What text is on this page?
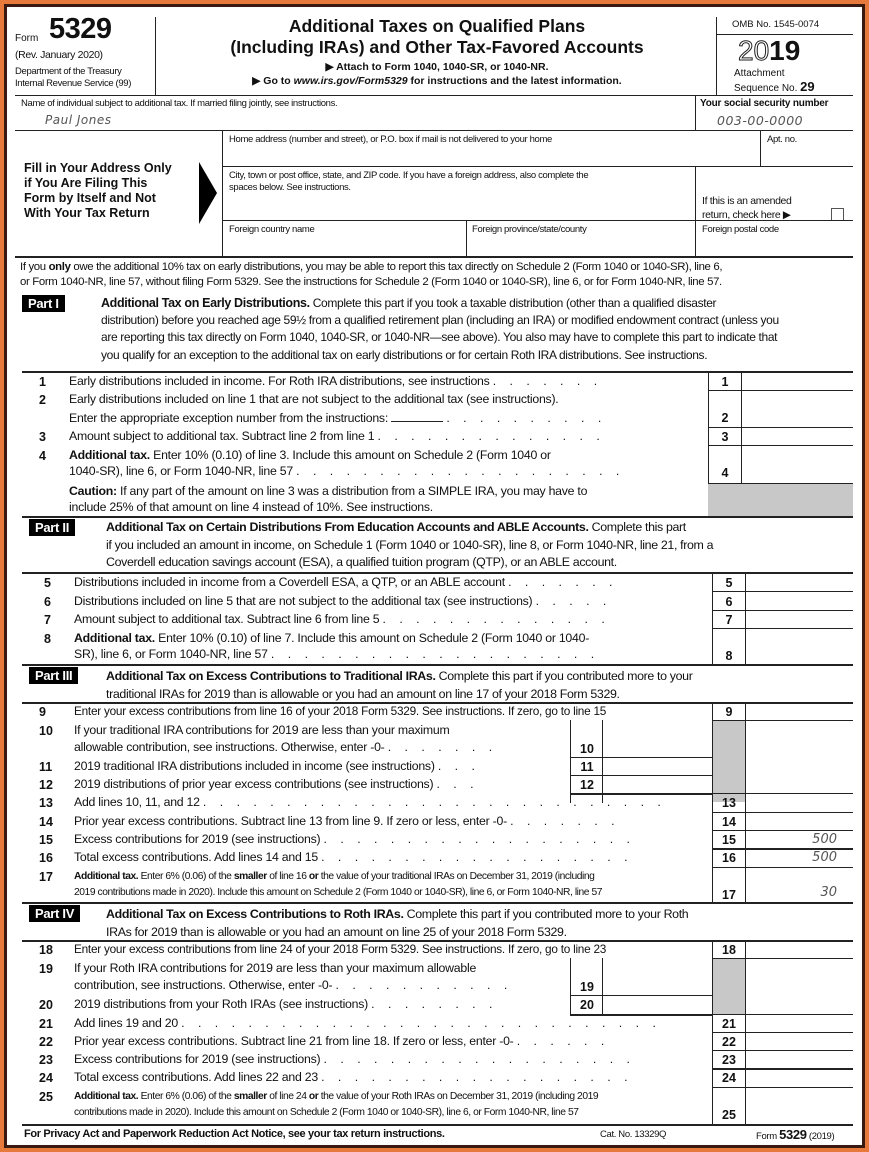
Form 5329
(Rev. January 2020)
Department of the Treasury
Internal Revenue Service (99)
Additional Taxes on Qualified Plans
(Including IRAs) and Other Tax-Favored Accounts
▶ Attach to Form 1040, 1040-SR, or 1040-NR.
▶ Go to www.irs.gov/Form5329 for instructions and the latest information.
OMB No. 1545-0074
2019
Attachment
Sequence No. 29
Name of individual subject to additional tax. If married filing jointly, see instructions.
Paul Jones
Your social security number
003-00-0000
Fill in Your Address Only
if You Are Filing This
Form by Itself and Not
With Your Tax Return
Home address (number and street), or P.O. box if mail is not delivered to your home	Apt. no.
City, town or post office, state, and ZIP code. If you have a foreign address, also complete the
spaces below. See instructions.
If this is an amended
return, check here ▶
Foreign country name	Foreign province/state/county	Foreign postal code
If you only owe the additional 10% tax on early distributions, you may be able to report this tax directly on Schedule 2 (Form 1040 or 1040-SR), line 6,
or Form 1040-NR, line 57, without filing Form 5329. See the instructions for Schedule 2 (Form 1040 or 1040-SR), line 6, or for Form 1040-NR, line 57.
Part I	Additional Tax on Early Distributions. Complete this part if you took a taxable distribution (other than a qualified disaster
distribution) before you reached age 59½ from a qualified retirement plan (including an IRA) or modified endowment contract (unless you
are reporting this tax directly on Form 1040, 1040-SR, or 1040-NR—see above). You also may have to complete this part to indicate that
you qualify for an exception to the additional tax on early distributions or for certain Roth IRA distributions. See instructions.
1 Early distributions included in income. For Roth IRA distributions, see instructions . . . . . . .	1
2 Early distributions included on line 1 that are not subject to the additional tax (see instructions).
Enter the appropriate exception number from the instructions:	. . . . . . . . . .	2
3 Amount subject to additional tax. Subtract line 2 from line 1 . . . . . . . . . . . . . .	3
4 Additional tax. Enter 10% (0.10) of line 3. Include this amount on Schedule 2 (Form 1040 or
1040-SR), line 6, or Form 1040-NR, line 57 . . . . . . . . . . . . . . . . . . . .	4
Caution: If any part of the amount on line 3 was a distribution from a SIMPLE IRA, you may have to
include 25% of that amount on line 4 instead of 10%. See instructions.
Part II	Additional Tax on Certain Distributions From Education Accounts and ABLE Accounts. Complete this part
if you included an amount in income, on Schedule 1 (Form 1040 or 1040-SR), line 8, or Form 1040-NR, line 21, from a
Coverdell education savings account (ESA), a qualified tuition program (QTP), or an ABLE account.
5 Distributions included in income from a Coverdell ESA, a QTP, or an ABLE account . . . . . . .	5
6 Distributions included on line 5 that are not subject to the additional tax (see instructions) . . . . .	6
7 Amount subject to additional tax. Subtract line 6 from line 5 . . . . . . . . . . . . . .	7
8 Additional tax. Enter 10% (0.10) of line 7. Include this amount on Schedule 2 (Form 1040 or 1040-
SR), line 6, or Form 1040-NR, line 57 . . . . . . . . . . . . . . . . . . . .	8
Part III	Additional Tax on Excess Contributions to Traditional IRAs. Complete this part if you contributed more to your
traditional IRAs for 2019 than is allowable or you had an amount on line 17 of your 2018 Form 5329.
9 Enter your excess contributions from line 16 of your 2018 Form 5329. See instructions. If zero, go to line 15	9
10 If your traditional IRA contributions for 2019 are less than your maximum
allowable contribution, see instructions. Otherwise, enter -0- . . . . . . .	10
11 2019 traditional IRA distributions included in income (see instructions) . . .	11
12 2019 distributions of prior year excess contributions (see instructions) . . .	12
13 Add lines 10, 11, and 12 . . . . . . . . . . . . . . . . . . . . . . . . . . . .	13
14 Prior year excess contributions. Subtract line 13 from line 9. If zero or less, enter -0- . . . . . . .	14
15 Excess contributions for 2019 (see instructions) . . . . . . . . . . . . . . . . . . .	15	500
16 Total excess contributions. Add lines 14 and 15 . . . . . . . . . . . . . . . . . . .	16	500
17 Additional tax. Enter 6% (0.06) of the smaller of line 16 or the value of your traditional IRAs on December 31, 2019 (including
2019 contributions made in 2020). Include this amount on Schedule 2 (Form 1040 or 1040-SR), line 6, or Form 1040-NR, line 57	17	30
Part IV	Additional Tax on Excess Contributions to Roth IRAs. Complete this part if you contributed more to your Roth
IRAs for 2019 than is allowable or you had an amount on line 25 of your 2018 Form 5329.
18 Enter your excess contributions from line 24 of your 2018 Form 5329. See instructions. If zero, go to line 23	18
19 If your Roth IRA contributions for 2019 are less than your maximum allowable
contribution, see instructions. Otherwise, enter -0- . . . . . . . . . . .	19
20 2019 distributions from your Roth IRAs (see instructions) . . . . . . . .	20
21 Add lines 19 and 20 . . . . . . . . . . . . . . . . . . . . . . . . . . . . .	21
22 Prior year excess contributions. Subtract line 21 from line 18. If zero or less, enter -0- . . . . . .	22
23 Excess contributions for 2019 (see instructions) . . . . . . . . . . . . . . . . . . .	23
24 Total excess contributions. Add lines 22 and 23 . . . . . . . . . . . . . . . . . . .	24
25 Additional tax. Enter 6% (0.06) of the smaller of line 24 or the value of your Roth IRAs on December 31, 2019 (including 2019
contributions made in 2020). Include this amount on Schedule 2 (Form 1040 or 1040-SR), line 6, or Form 1040-NR, line 57	25
For Privacy Act and Paperwork Reduction Act Notice, see your tax return instructions.	Cat. No. 13329Q	Form 5329 (2019)
